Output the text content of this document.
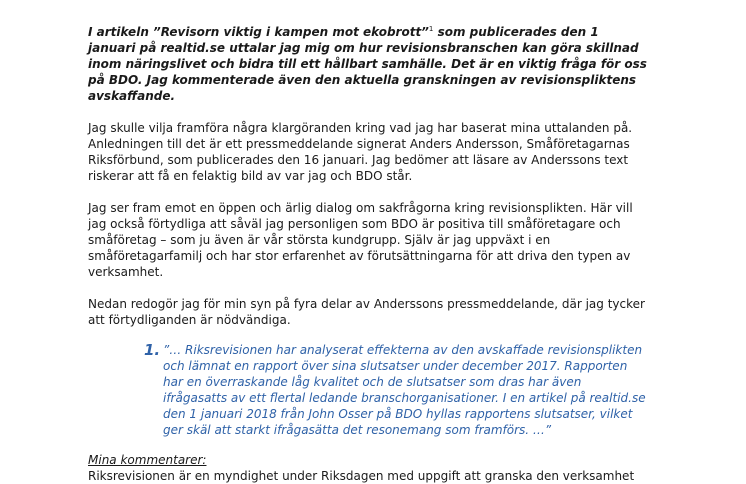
I artikeln ”Revisorn viktig i kampen mot ekobrott”$^1$ som publicerades den 1 januari på realtid.se uttalar jag mig om hur revisionsbranschen kan göra skillnad inom näringslivet och bidra till ett hållbart samhälle. Det är en viktig fråga för oss på BDO. Jag kommenterade även den aktuella granskningen av revisionspliktens avskaffande.

Jag skulle vilja framföra några klargöranden kring vad jag har baserat mina uttalanden på. Anledningen till det är ett pressmeddelande signerat Anders Andersson, Småföretagarnas Riksförbund, som publicerades den 16 januari. Jag bedömer att läsare av Anderssons text riskerar att få en felaktig bild av var jag och BDO står.

Jag ser fram emot en öppen och ärlig dialog om sakfrågorna kring revisionsplikten. Här vill jag också förtydliga att såväl jag personligen som BDO är positiva till småföretagare och småföretag – som ju även är vår största kundgrupp. Själv är jag uppväxt i en småföretagarfamilj och har stor erfarenhet av förutsättningarna för att driva den typen av verksamhet.

Nedan redogör jag för min syn på fyra delar av Anderssons pressmeddelande, där jag tycker att förtydliganden är nödvändiga.

1. ”… Riksrevisionen har analyserat effekterna av den avskaffade revisionsplikten och lämnat en rapport över sina slutsatser under december 2017. Rapporten har en överraskande låg kvalitet och de slutsatser som dras har även ifrågasatts av ett flertal ledande branschorganisationer. I en artikel på realtid.se den 1 januari 2018 från John Osser på BDO hyllas rapportens slutsatser, vilket ger skäl att starkt ifrågasätta det resonemang som framförs. …”

Mina kommentarer:

Riksrevisionen är en myndighet under Riksdagen med uppgift att granska den verksamhet
